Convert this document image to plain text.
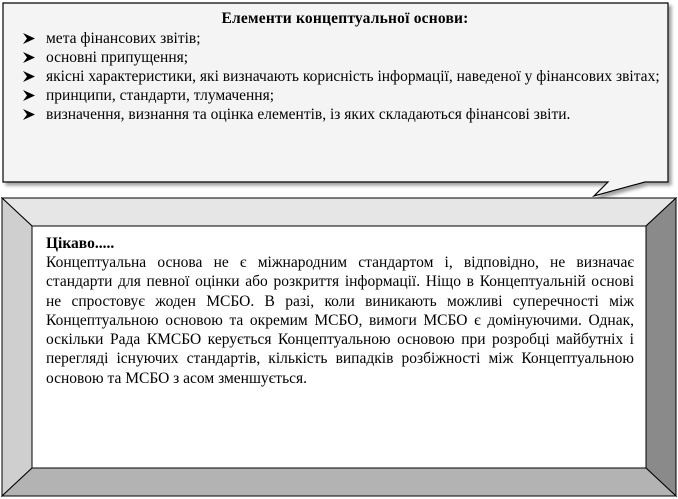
Елементи концептуальної основи:

мета фінансових звітів;
основні припущення;
якісні характеристики, які визначають корисність інформації, наведеної у фінансових звітах;
принципи, стандарти, тлумачення;
визначення, визнання та оцінка елементів, із яких складаються фінансові звіти.

Цікаво.....

Концептуальна основа не є міжнародним стандартом і, відповідно, не визначає стандарти для певної оцінки або розкриття інформації. Ніщо в Концептуальній основі не спростовує жоден МСБО. В разі, коли виникають можливі суперечності між Концептуальною основою та окремим МСБО, вимоги МСБО є домінуючими. Однак, оскільки Рада КМСБО керується Концептуальною основою при розробці майбутніх і перегляді існуючих стандартів, кількість випадків розбіжності між Концептуальною основою та МСБО з асом зменшується.
